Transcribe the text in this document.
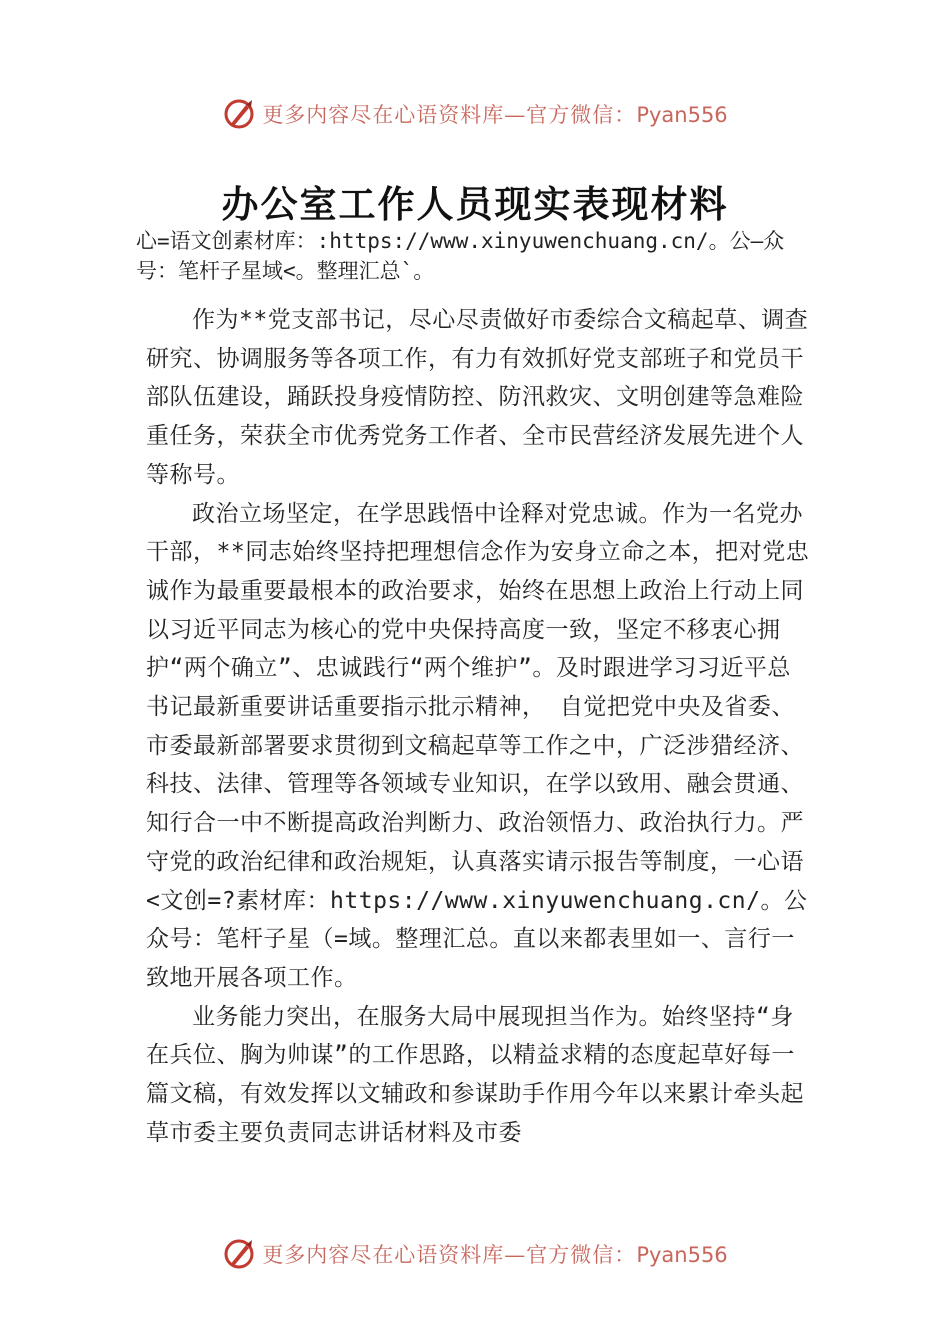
更多内容尽在心语资料库—官方微信：Pyan556
办公室工作人员现实表现材料
心=语文创素材库：:https://www.xinyuwenchuang.cn/。公—众号：笔杆子星域<。整理汇总`。

作为**党支部书记，尽心尽责做好市委综合文稿起草、调查研究、协调服务等各项工作，有力有效抓好党支部班子和党员干部队伍建设，踊跃投身疫情防控、防汛救灾、文明创建等急难险重任务，荣获全市优秀党务工作者、全市民营经济发展先进个人等称号。

政治立场坚定，在学思践悟中诠释对党忠诚。作为一名党办干部，**同志始终坚持把理想信念作为安身立命之本，把对党忠诚作为最重要最根本的政治要求，始终在思想上政治上行动上同以习近平同志为核心的党中央保持高度一致，坚定不移衷心拥护“两个确立”、忠诚践行“两个维护”。及时跟进学习习近平总书记最新重要讲话重要指示批示精神， 自觉把党中央及省委、市委最新部署要求贯彻到文稿起草等工作之中，广泛涉猎经济、科技、法律、管理等各领域专业知识，在学以致用、融会贯通、知行合一中不断提高政治判断力、政治领悟力、政治执行力。严守党的政治纪律和政治规矩，认真落实请示报告等制度，一心语<文创=?素材库：https://www.xinyuwenchuang.cn/。公众号：笔杆子星（=域。整理汇总。直以来都表里如一、言行一致地开展各项工作。

业务能力突出，在服务大局中展现担当作为。始终坚持“身在兵位、胸为帅谋”的工作思路，以精益求精的态度起草好每一篇文稿，有效发挥以文辅政和参谋助手作用今年以来累计牵头起草市委主要负责同志讲话材料及市委

更多内容尽在心语资料库—官方微信：Pyan556
